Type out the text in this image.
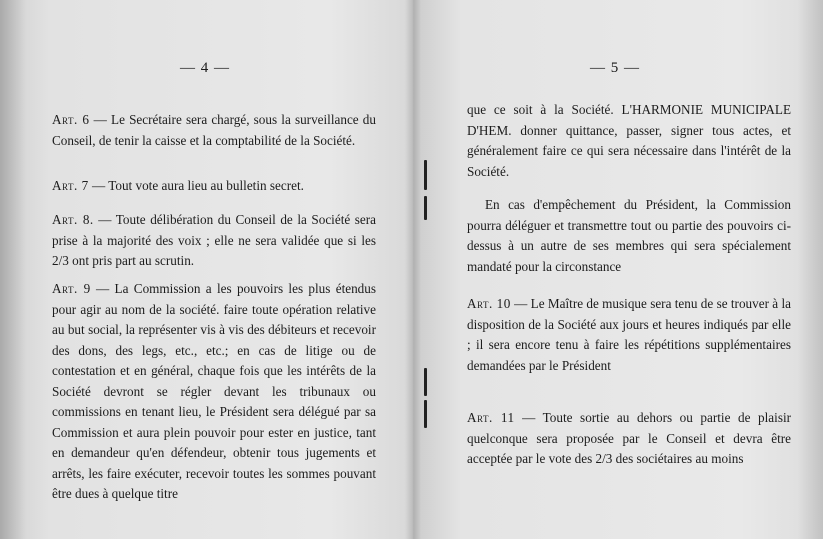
— 4 —
Art. 6 — Le Secrétaire sera chargé, sous la surveillance du Conseil, de tenir la caisse et la comptabilité de la Société.
Art. 7 — Tout vote aura lieu au bulletin secret.
Art. 8. — Toute délibération du Conseil de la Société sera prise à la majorité des voix ; elle ne sera validée que si les 2/3 ont pris part au scrutin.
Art. 9 — La Commission a les pouvoirs les plus étendus pour agir au nom de la société. faire toute opération relative au but social, la représenter vis à vis des débiteurs et recevoir des dons, des legs, etc., etc.; en cas de litige ou de contestation et en général, chaque fois que les intérêts de la Société devront se régler devant les tribunaux ou commissions en tenant lieu, le Président sera délégué par sa Commission et aura plein pouvoir pour ester en justice, tant en demandeur qu'en défendeur, obtenir tous jugements et arrêts, les faire exécuter, recevoir toutes les sommes pouvant être dues à quelque titre
— 5 —
que ce soit à la Société. L'HARMONIE MUNICIPALE D'HEM. donner quittance, passer, signer tous actes, et généralement faire ce qui sera nécessaire dans l'intérêt de la Société.
En cas d'empêchement du Président, la Commission pourra déléguer et transmettre tout ou partie des pouvoirs ci-dessus à un autre de ses membres qui sera spécialement mandaté pour la circonstance
Art. 10 — Le Maître de musique sera tenu de se trouver à la disposition de la Société aux jours et heures indiqués par elle ; il sera encore tenu à faire les répétitions supplémentaires demandées par le Président
Art. 11 — Toute sortie au dehors ou partie de plaisir quelconque sera proposée par le Conseil et devra être acceptée par le vote des 2/3 des sociétaires au moins
